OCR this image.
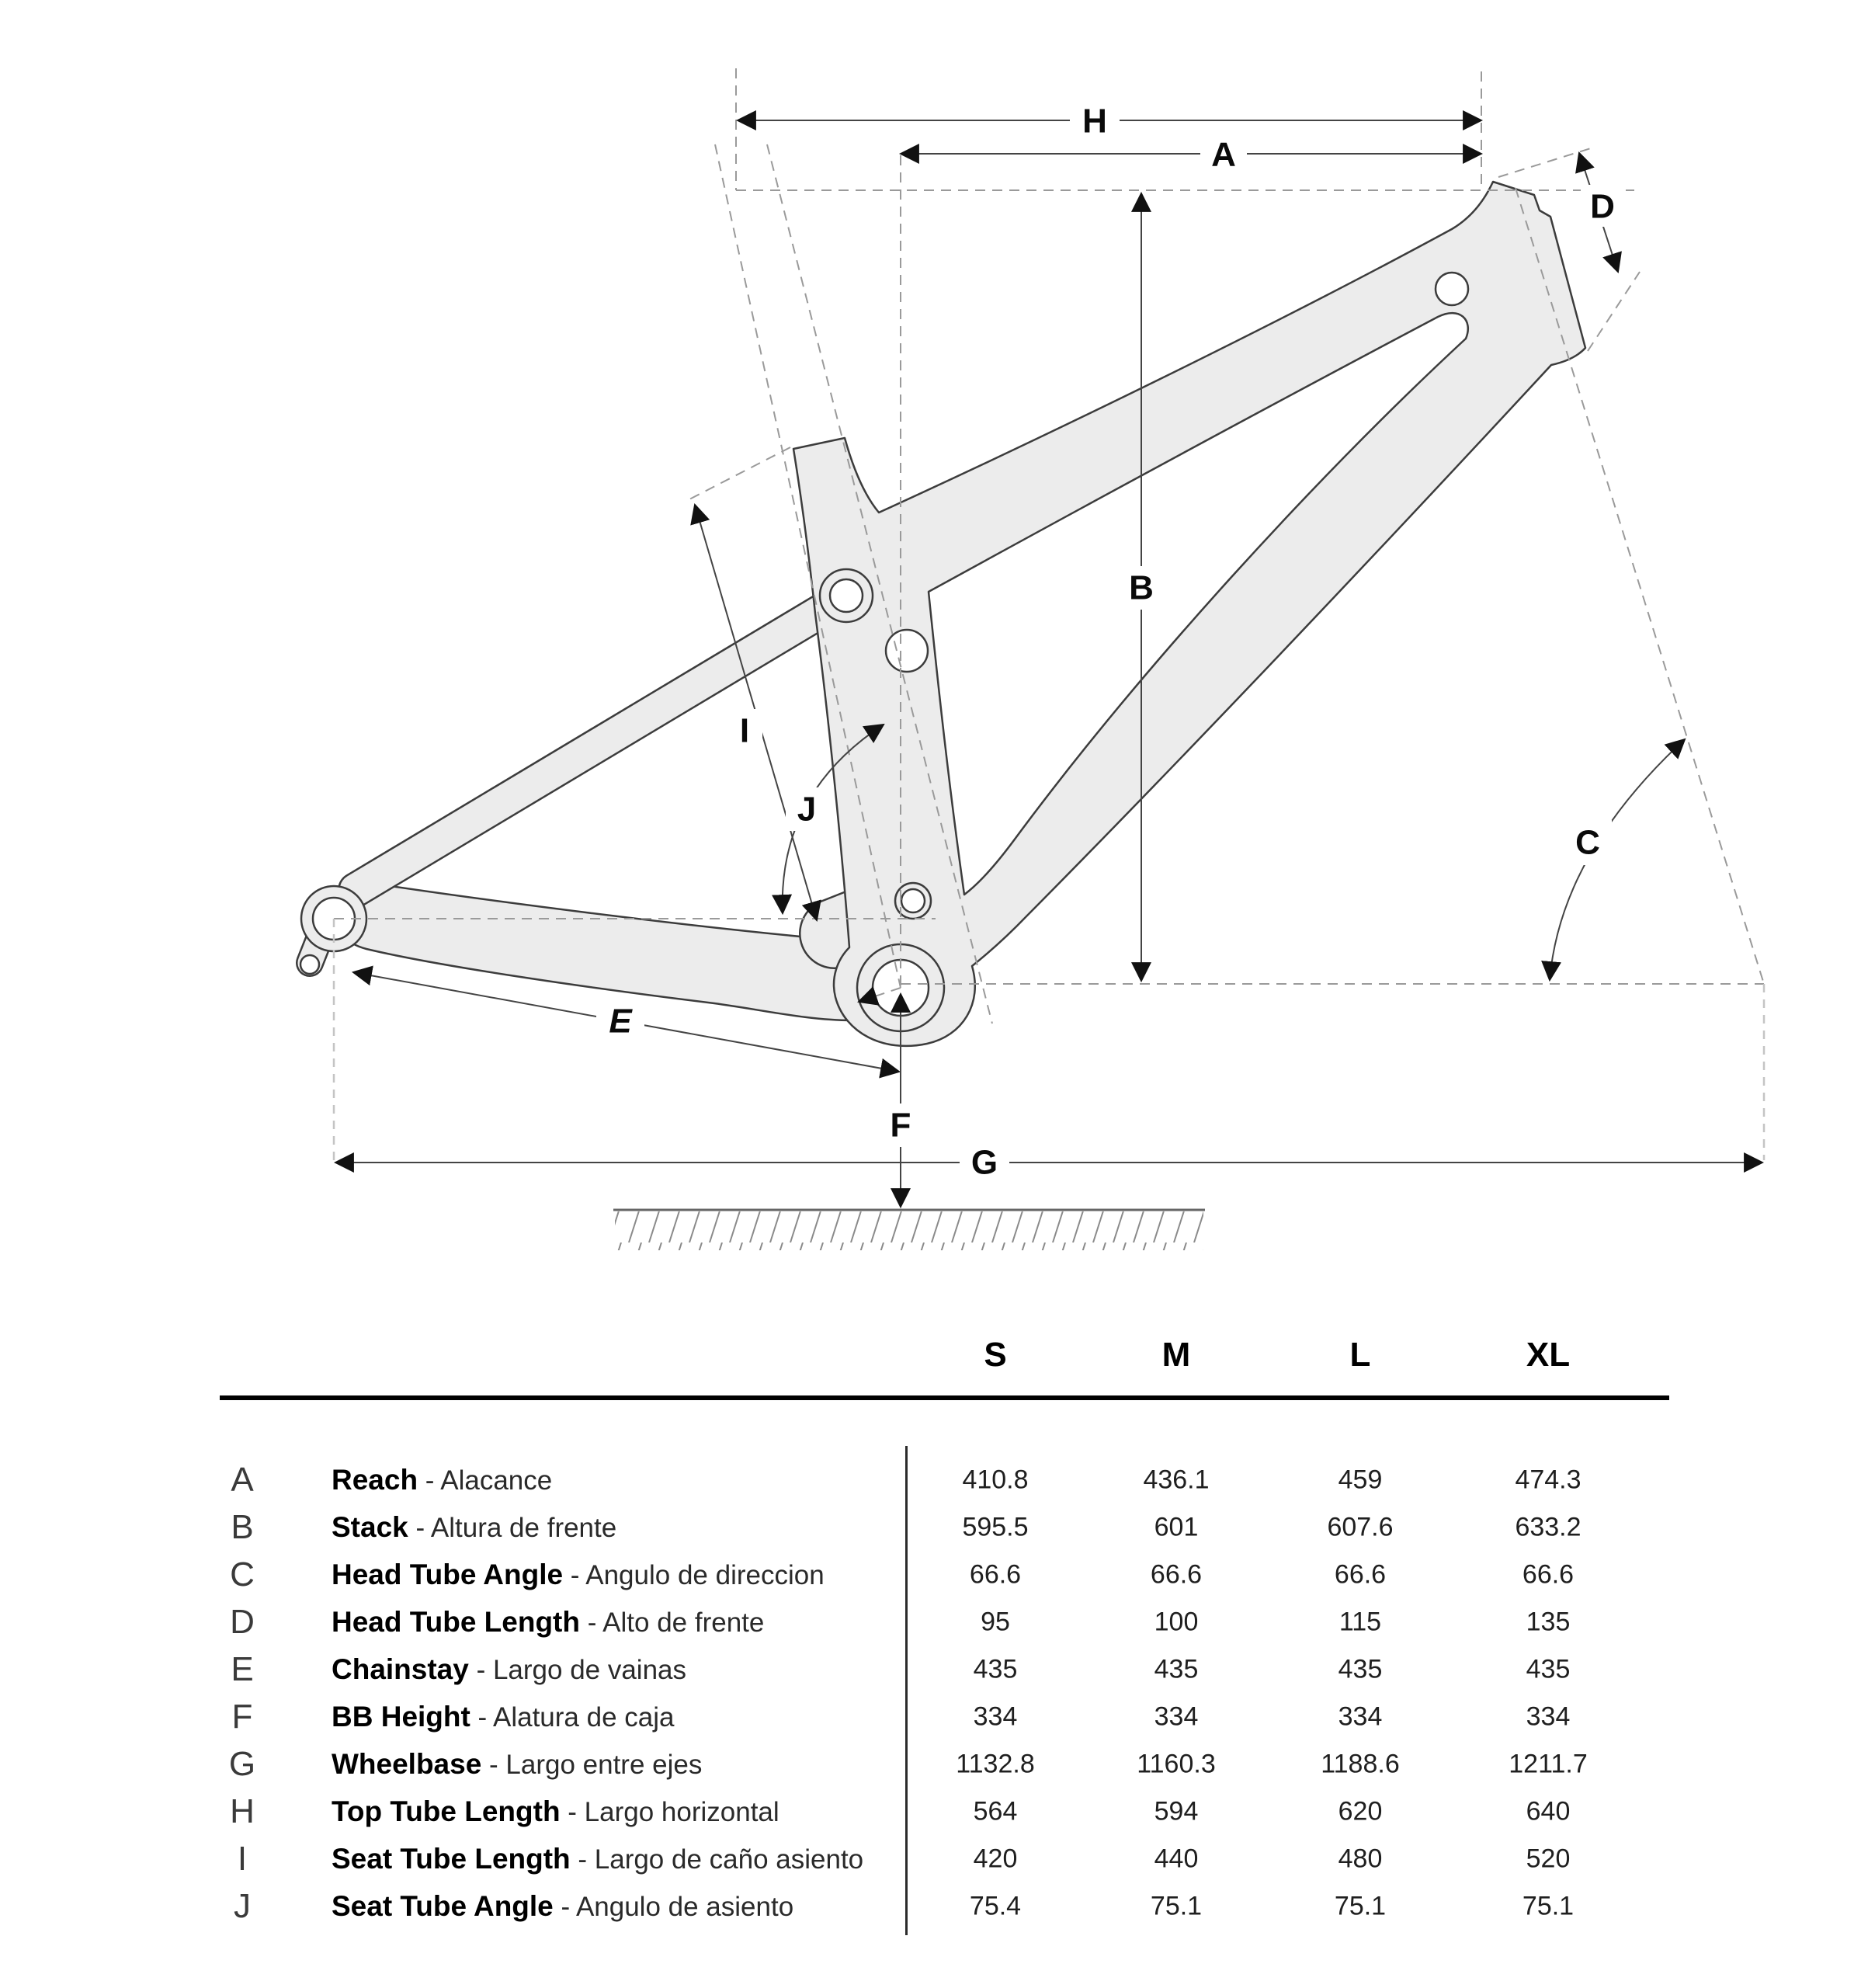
H
A
B
C
D
E
F
G
I
J
S	M	L	XL
A	Reach - Alacance	410.8	436.1	459	474.3
B	Stack - Altura de frente	595.5	601	607.6	633.2
C	Head Tube Angle - Angulo de direccion	66.6	66.6	66.6	66.6
D	Head Tube Length - Alto de frente	95	100	115	135
E	Chainstay - Largo de vainas	435	435	435	435
F	BB Height - Alatura de caja	334	334	334	334
G	Wheelbase - Largo entre ejes	1132.8	1160.3	1188.6	1211.7
H	Top Tube Length - Largo horizontal	564	594	620	640
I	Seat Tube Length - Largo de caño asiento	420	440	480	520
J	Seat Tube Angle - Angulo de asiento	75.4	75.1	75.1	75.1
